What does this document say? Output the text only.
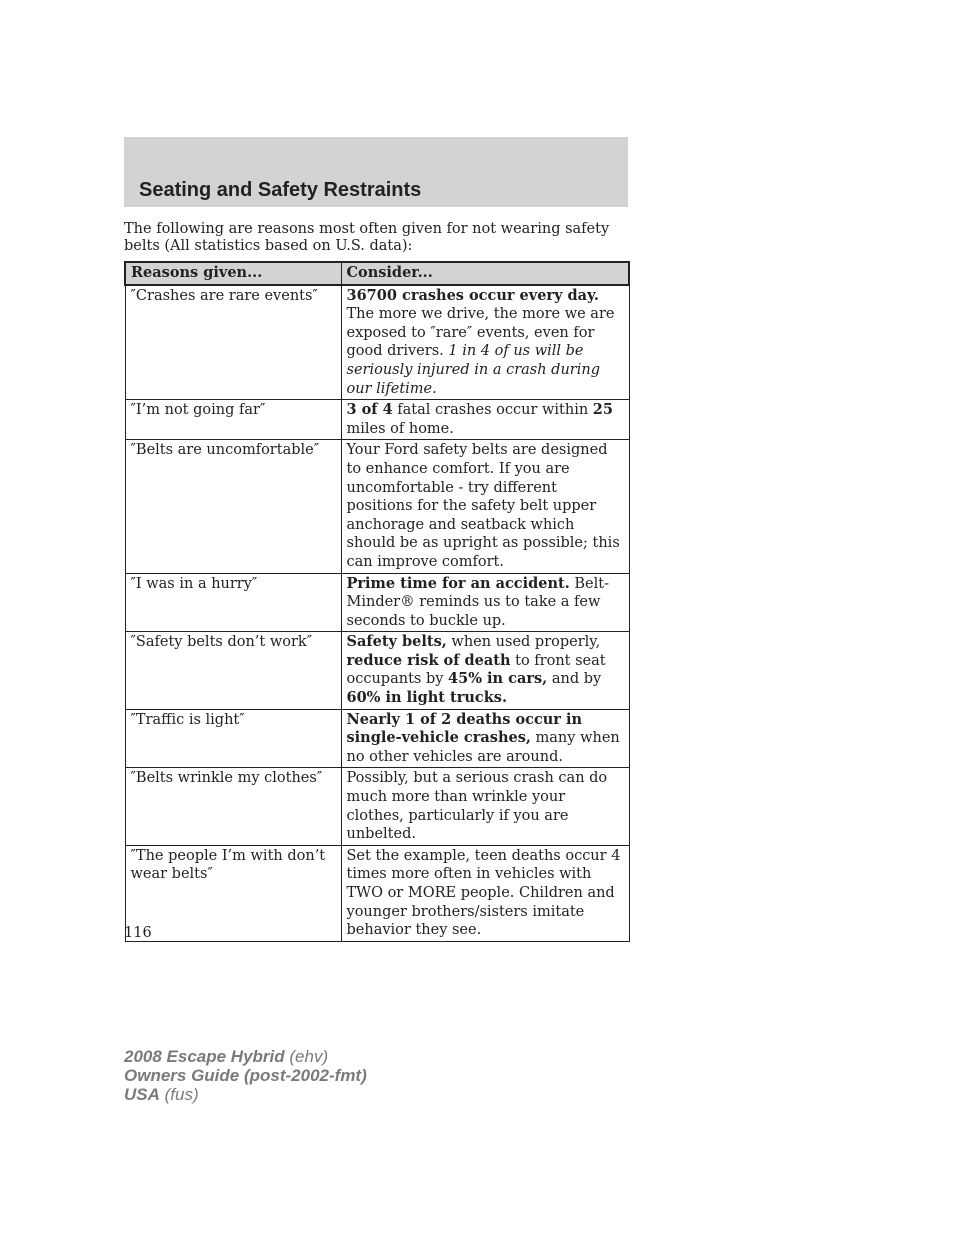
Seating and Safety Restraints

The following are reasons most often given for not wearing safety belts (All statistics based on U.S. data):

Reasons given...	Consider...
″Crashes are rare events″	36700 crashes occur every day. The more we drive, the more we are exposed to ″rare″ events, even for good drivers. 1 in 4 of us will be seriously injured in a crash during our lifetime.
″I’m not going far″	3 of 4 fatal crashes occur within 25 miles of home.
″Belts are uncomfortable″	Your Ford safety belts are designed to enhance comfort. If you are uncomfortable - try different positions for the safety belt upper anchorage and seatback which should be as upright as possible; this can improve comfort.
″I was in a hurry″	Prime time for an accident. Belt-Minder® reminds us to take a few seconds to buckle up.
″Safety belts don’t work″	Safety belts, when used properly, reduce risk of death to front seat occupants by 45% in cars, and by 60% in light trucks.
″Traffic is light″	Nearly 1 of 2 deaths occur in single-vehicle crashes, many when no other vehicles are around.
″Belts wrinkle my clothes″	Possibly, but a serious crash can do much more than wrinkle your clothes, particularly if you are unbelted.
″The people I’m with don’t wear belts″	Set the example, teen deaths occur 4 times more often in vehicles with TWO or MORE people. Children and younger brothers/sisters imitate behavior they see.

116

2008 Escape Hybrid (ehv)
Owners Guide (post-2002-fmt)
USA (fus)
